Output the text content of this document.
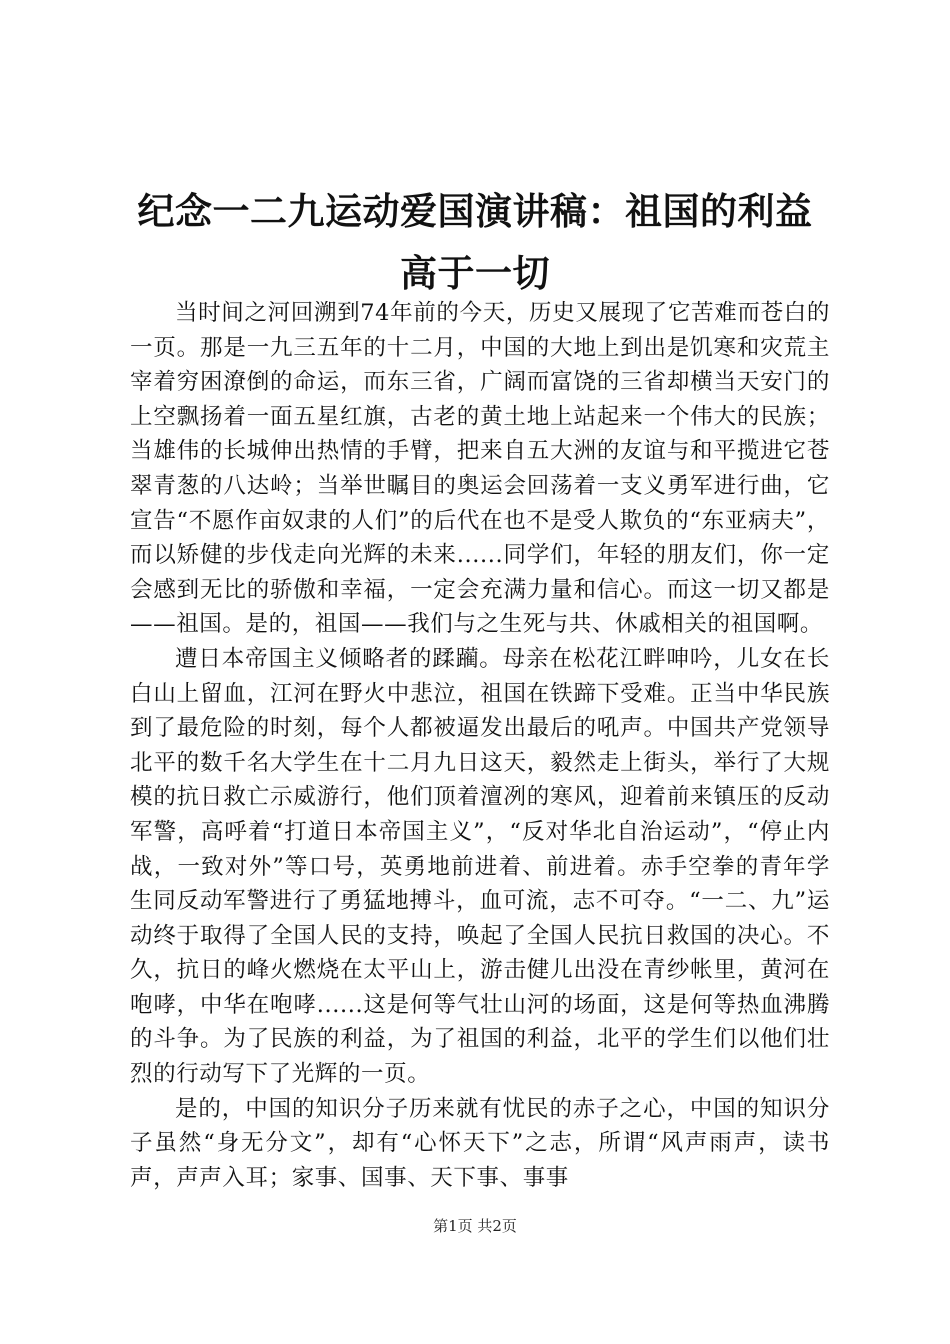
纪念一二九运动爱国演讲稿：祖国的利益高于一切

当时间之河回溯到74年前的今天，历史又展现了它苦难而苍白的一页。那是一九三五年的十二月，中国的大地上到出是饥寒和灾荒主宰着穷困潦倒的命运，而东三省，广阔而富饶的三省却横当天安门的上空飘扬着一面五星红旗，古老的黄土地上站起来一个伟大的民族；当雄伟的长城伸出热情的手臂，把来自五大洲的友谊与和平揽进它苍翠青葱的八达岭；当举世瞩目的奥运会回荡着一支义勇军进行曲，它宣告“不愿作亩奴隶的人们”的后代在也不是受人欺负的“东亚病夫”，而以矫健的步伐走向光辉的未来......同学们，年轻的朋友们，你一定会感到无比的骄傲和幸福，一定会充满力量和信心。而这一切又都是——祖国。是的，祖国——我们与之生死与共、休戚相关的祖国啊。

遭日本帝国主义倾略者的蹂躏。母亲在松花江畔呻吟，儿女在长白山上留血，江河在野火中悲泣，祖国在铁蹄下受难。正当中华民族到了最危险的时刻，每个人都被逼发出最后的吼声。中国共产党领导北平的数千名大学生在十二月九日这天，毅然走上街头，举行了大规模的抗日救亡示威游行，他们顶着澶冽的寒风，迎着前来镇压的反动军警，高呼着“打道日本帝国主义”，“反对华北自治运动”，“停止内战，一致对外”等口号，英勇地前进着、前进着。赤手空拳的青年学生同反动军警进行了勇猛地搏斗，血可流，志不可夺。“一二、九”运动终于取得了全国人民的支持，唤起了全国人民抗日救国的决心。不久，抗日的峰火燃烧在太平山上，游击健儿出没在青纱帐里，黄河在咆哮，中华在咆哮......这是何等气壮山河的场面，这是何等热血沸腾的斗争。为了民族的利益，为了祖国的利益，北平的学生们以他们壮烈的行动写下了光辉的一页。

是的，中国的知识分子历来就有忧民的赤子之心，中国的知识分子虽然“身无分文”，却有“心怀天下”之志，所谓“风声雨声，读书声，声声入耳；家事、国事、天下事、事事

第1页 共2页
